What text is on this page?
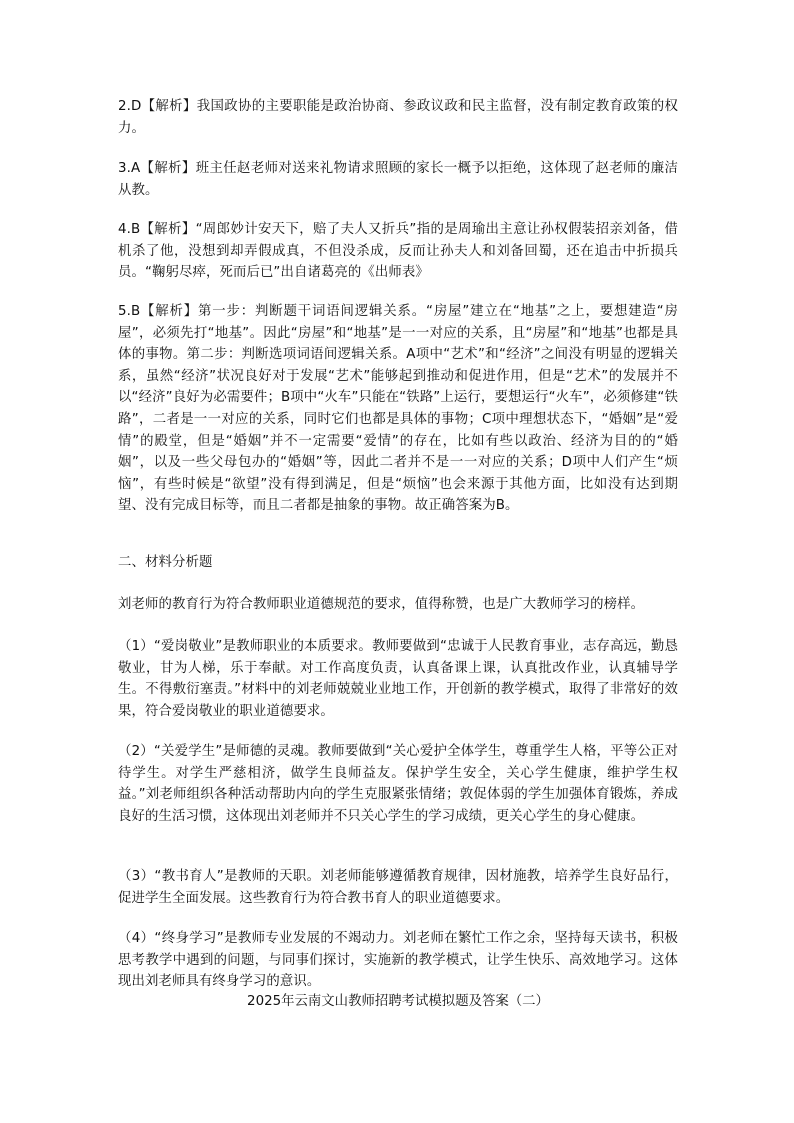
2.D【解析】我国政协的主要职能是政治协商、参政议政和民主监督，没有制定教育政策的权力。

3.A【解析】班主任赵老师对送来礼物请求照顾的家长一概予以拒绝，这体现了赵老师的廉洁从教。

4.B【解析】“周郎妙计安天下，赔了夫人又折兵”指的是周瑜出主意让孙权假装招亲刘备，借机杀了他，没想到却弄假成真，不但没杀成，反而让孙夫人和刘备回蜀，还在追击中折损兵员。“鞠躬尽瘁，死而后已”出自诸葛亮的《出师表》

5.B【解析】第一步：判断题干词语间逻辑关系。“房屋”建立在“地基”之上，要想建造“房屋”，必须先打“地基”。因此“房屋”和“地基”是一一对应的关系，且“房屋”和“地基”也都是具体的事物。第二步：判断选项词语间逻辑关系。A项中“艺术”和“经济”之间没有明显的逻辑关系，虽然“经济”状况良好对于发展“艺术”能够起到推动和促进作用，但是“艺术”的发展并不以“经济”良好为必需要件；B项中“火车”只能在“铁路”上运行，要想运行“火车”，必须修建“铁路”，二者是一一对应的关系，同时它们也都是具体的事物；C项中理想状态下，“婚姻”是“爱情”的殿堂，但是“婚姻”并不一定需要“爱情”的存在，比如有些以政治、经济为目的的“婚姻”，以及一些父母包办的“婚姻”等，因此二者并不是一一对应的关系；D项中人们产生“烦恼”，有些时候是“欲望”没有得到满足，但是“烦恼”也会来源于其他方面，比如没有达到期望、没有完成目标等，而且二者都是抽象的事物。故正确答案为B。

二、材料分析题

刘老师的教育行为符合教师职业道德规范的要求，值得称赞，也是广大教师学习的榜样。

（1）“爱岗敬业”是教师职业的本质要求。教师要做到“忠诚于人民教育事业，志存高远，勤恳敬业，甘为人梯，乐于奉献。对工作高度负责，认真备课上课，认真批改作业，认真辅导学生。不得敷衍塞责。”材料中的刘老师兢兢业业地工作，开创新的教学模式，取得了非常好的效果，符合爱岗敬业的职业道德要求。

（2）“关爱学生”是师德的灵魂。教师要做到“关心爱护全体学生，尊重学生人格，平等公正对待学生。对学生严慈相济，做学生良师益友。保护学生安全，关心学生健康，维护学生权益。”刘老师组织各种活动帮助内向的学生克服紧张情绪；敦促体弱的学生加强体育锻炼，养成良好的生活习惯，这体现出刘老师并不只关心学生的学习成绩，更关心学生的身心健康。

（3）“教书育人”是教师的天职。刘老师能够遵循教育规律，因材施教，培养学生良好品行，促进学生全面发展。这些教育行为符合教书育人的职业道德要求。

（4）“终身学习”是教师专业发展的不竭动力。刘老师在繁忙工作之余，坚持每天读书，积极思考教学中遇到的问题，与同事们探讨，实施新的教学模式，让学生快乐、高效地学习。这体现出刘老师具有终身学习的意识。

2025年云南文山教师招聘考试模拟题及答案（二）
